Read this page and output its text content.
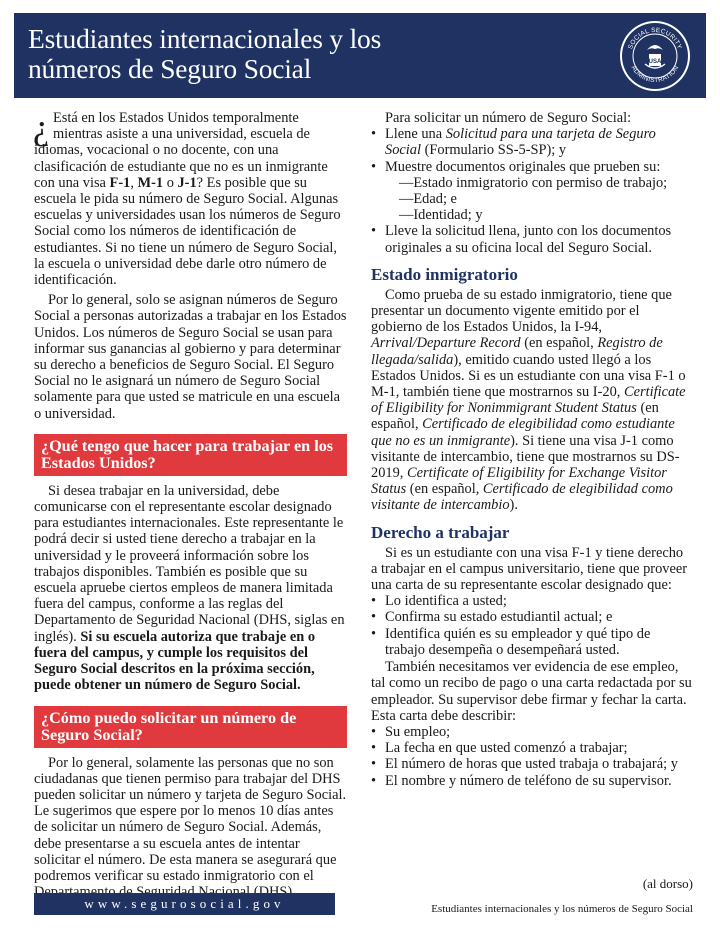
Estudiantes internacionales y los
números de Seguro Social
SOCIAL SECURITY
ADMINISTRATION
USA

¿ Está en los Estados Unidos temporalmente mientras asiste a una universidad, escuela de idiomas, vocacional o no docente, con una clasificación de estudiante que no es un inmigrante con una visa F-1, M-1 o J-1? Es posible que su escuela le pida su número de Seguro Social. Algunas escuelas y universidades usan los números de Seguro Social como los números de identificación de estudiantes. Si no tiene un número de Seguro Social, la escuela o universidad debe darle otro número de identificación.

Por lo general, solo se asignan números de Seguro Social a personas autorizadas a trabajar en los Estados Unidos. Los números de Seguro Social se usan para informar sus ganancias al gobierno y para determinar su derecho a beneficios de Seguro Social. El Seguro Social no le asignará un número de Seguro Social solamente para que usted se matricule en una escuela o universidad.

¿Qué tengo que hacer para trabajar en los Estados Unidos?

Si desea trabajar en la universidad, debe comunicarse con el representante escolar designado para estudiantes internacionales. Este representante le podrá decir si usted tiene derecho a trabajar en la universidad y le proveerá información sobre los trabajos disponibles. También es posible que su escuela apruebe ciertos empleos de manera limitada fuera del campus, conforme a las reglas del Departamento de Seguridad Nacional (DHS, siglas en inglés). Si su escuela autoriza que trabaje en o fuera del campus, y cumple los requisitos del Seguro Social descritos en la próxima sección, puede obtener un número de Seguro Social.

¿Cómo puedo solicitar un número de Seguro Social?

Por lo general, solamente las personas que no son ciudadanas que tienen permiso para trabajar del DHS pueden solicitar un número y tarjeta de Seguro Social. Le sugerimos que espere por lo menos 10 días antes de solicitar un número de Seguro Social. Además, debe presentarse a su escuela antes de intentar solicitar el número. De esta manera se asegurará que podremos verificar su estado inmigratorio con el

Para solicitar un número de Seguro Social:

• Llene una Solicitud para una tarjeta de Seguro Social (Formulario SS-5-SP); y
• Muestre documentos originales que prueben su:
—Estado inmigratorio con permiso de trabajo;
—Edad; e
—Identidad; y
• Lleve la solicitud llena, junto con los documentos originales a su oficina local del Seguro Social.
Estado inmigratorio

Como prueba de su estado inmigratorio, tiene que presentar un documento vigente emitido por el gobierno de los Estados Unidos, la I-94, Arrival/Departure Record (en español, Registro de llegada/salida), emitido cuando usted llegó a los Estados Unidos. Si es un estudiante con una visa F-1 o M-1, también tiene que mostrarnos su I-20, Certificate of Eligibility for Nonimmigrant Student Status (en español, Certificado de elegibilidad como estudiante que no es un inmigrante). Si tiene una visa J-1 como visitante de intercambio, tiene que mostrarnos su DS-2019, Certificate of Eligibility for Exchange Visitor Status (en español, Certificado de elegibilidad como visitante de intercambio).

Derecho a trabajar

Si es un estudiante con una visa F-1 y tiene derecho a trabajar en el campus universitario, tiene que proveer una carta de su representante escolar designado que:

• Lo identifica a usted;
• Confirma su estado estudiantil actual; e
• Identifica quién es su empleador y qué tipo de trabajo desempeña o desempeñará usted.

También necesitamos ver evidencia de ese empleo, tal como un recibo de pago o una carta redactada por su empleador. Su supervisor debe firmar y fechar la carta. Esta carta debe describir:

• Su empleo;
• La fecha en que usted comenzó a trabajar;
• El número de horas que usted trabaja o trabajará; y
• El nombre y número de teléfono de su supervisor.
(al dorso)
www.segurosocial.gov	Estudiantes internacionales y los números de Seguro Social
